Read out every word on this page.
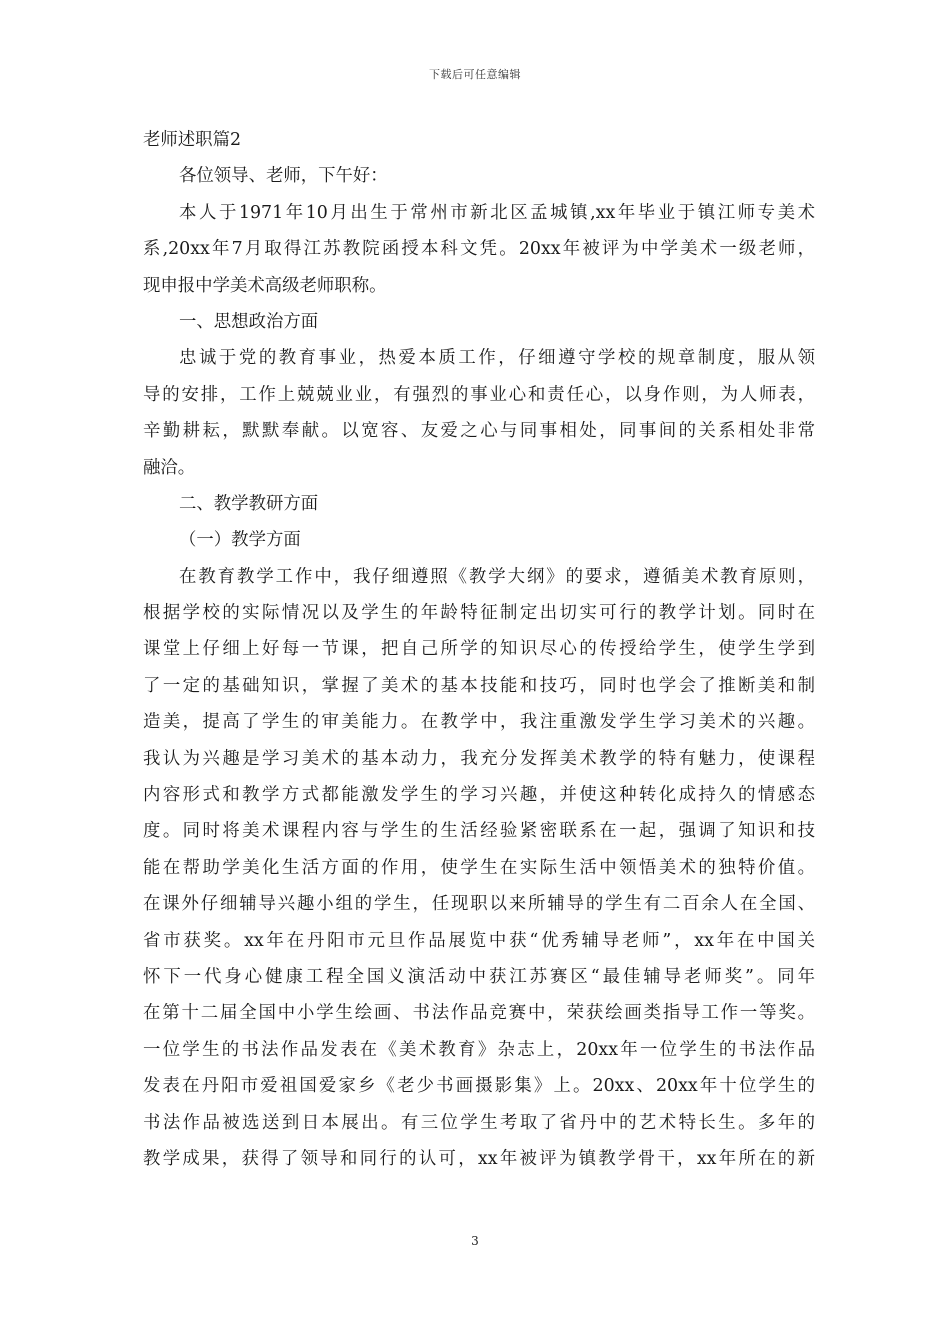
下载后可任意编辑
老师述职篇2
各位领导、老师，下午好：
本人于1971年10月出生于常州市新北区孟城镇,xx年毕业于镇江师专美术
系,20xx年7月取得江苏教院函授本科文凭。20xx年被评为中学美术一级老师，
现申报中学美术高级老师职称。
一、思想政治方面
忠诚于党的教育事业，热爱本质工作，仔细遵守学校的规章制度，服从领
导的安排，工作上兢兢业业，有强烈的事业心和责任心，以身作则，为人师表，
辛勤耕耘，默默奉献。以宽容、友爱之心与同事相处，同事间的关系相处非常
融洽。
二、教学教研方面
（一）教学方面
在教育教学工作中，我仔细遵照《教学大纲》的要求，遵循美术教育原则，
根据学校的实际情况以及学生的年龄特征制定出切实可行的教学计划。同时在
课堂上仔细上好每一节课，把自己所学的知识尽心的传授给学生，使学生学到
了一定的基础知识，掌握了美术的基本技能和技巧，同时也学会了推断美和制
造美，提高了学生的审美能力。在教学中，我注重激发学生学习美术的兴趣。
我认为兴趣是学习美术的基本动力，我充分发挥美术教学的特有魅力，使课程
内容形式和教学方式都能激发学生的学习兴趣，并使这种转化成持久的情感态
度。同时将美术课程内容与学生的生活经验紧密联系在一起，强调了知识和技
能在帮助学美化生活方面的作用，使学生在实际生活中领悟美术的独特价值。
在课外仔细辅导兴趣小组的学生，任现职以来所辅导的学生有二百余人在全国、
省市获奖。xx年在丹阳市元旦作品展览中获“优秀辅导老师”，xx年在中国关
怀下一代身心健康工程全国义演活动中获江苏赛区“最佳辅导老师奖”。同年
在第十二届全国中小学生绘画、书法作品竞赛中，荣获绘画类指导工作一等奖。
一位学生的书法作品发表在《美术教育》杂志上，20xx年一位学生的书法作品
发表在丹阳市爱祖国爱家乡《老少书画摄影集》上。20xx、20xx年十位学生的
书法作品被选送到日本展出。有三位学生考取了省丹中的艺术特长生。多年的
教学成果，获得了领导和同行的认可，xx年被评为镇教学骨干，xx年所在的新
3
